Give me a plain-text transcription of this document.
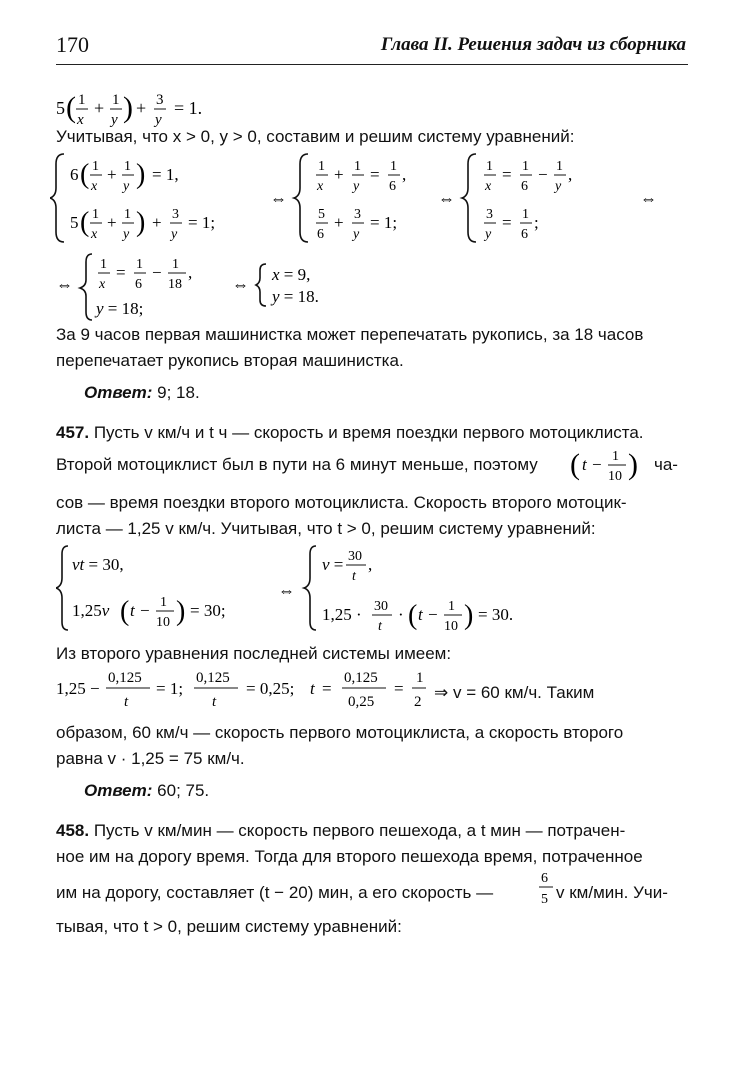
170	Глава II. Решения задач из сборника
5 ( 1
x
+ 1
y ) + 3
y
= 1.
Учитывая, что x > 0, y > 0, составим и решим систему уравнений:
6 ( 1
x
+ 1
y ) = 1,
5 ( 1
x
+ 1
y ) + 3
y
= 1;
⇔
1
x
+ 1
y
= 1
6
,
5
6
+ 3
y
= 1;
⇔
1
x
= 1
6
− 1
y
,
3
y
= 1
6
;
⇔
⇔
1
x
= 1
6
− 1
18
,
y = 18;
⇔
x = 9,
y = 18.
За 9 часов первая машинистка может перепечатать рукопись, за 18 часов
перепечатает рукопись вторая машинистка.
Ответ: 9; 18.
457. Пусть v км/ч и t ч — скорость и время поездки первого мотоциклиста.
Второй мотоциклист был в пути на 6 минут меньше, поэтому ( t − 1
10 ) ча-
сов — время поездки второго мотоциклиста. Скорость второго мотоцик-
листа — 1,25 v км/ч. Учитывая, что t > 0, решим систему уравнений:
vt = 30,
1,25v ( t − 1
10 ) = 30;
⇔
v = 30
t
,
1,25 · 30
t
· ( t − 1
10 ) = 30.
Из второго уравнения последней системы имеем:
1,25 −
0,125
t
= 1;
0,125
t
= 0,25; t =
0,125
0,25
=
1
2 ⇒ v = 60 км/ч. Таким
образом, 60 км/ч — скорость первого мотоциклиста, а скорость второго
равна v · 1,25 = 75 км/ч.
Ответ: 60; 75.
458. Пусть v км/мин — скорость первого пешехода, а t мин — потрачен-
ное им на дорогу время. Тогда для второго пешехода время, потраченное
им на дорогу, составляет (t − 20) мин, а его скорость —
6
5 v км/мин. Учи-
тывая, что t > 0, решим систему уравнений:
